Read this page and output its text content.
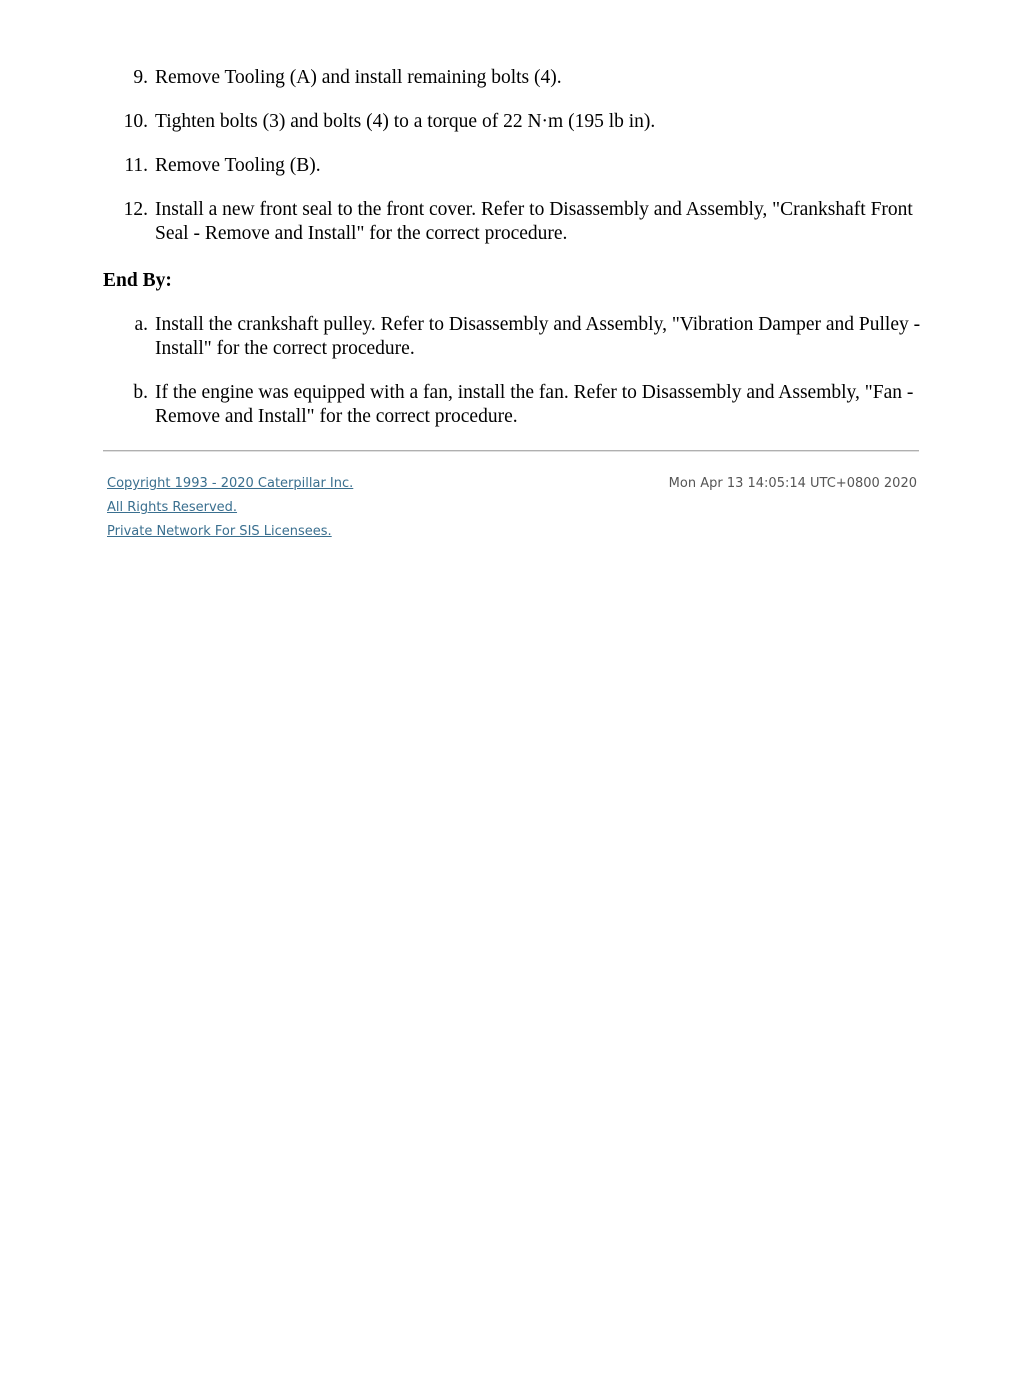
9. Remove Tooling (A) and install remaining bolts (4).
10. Tighten bolts (3) and bolts (4) to a torque of 22 N·m (195 lb in).
11. Remove Tooling (B).
12. Install a new front seal to the front cover. Refer to Disassembly and Assembly, "Crankshaft Front Seal - Remove and Install" for the correct procedure.
End By:
a. Install the crankshaft pulley. Refer to Disassembly and Assembly, "Vibration Damper and Pulley - Install" for the correct procedure.
b. If the engine was equipped with a fan, install the fan. Refer to Disassembly and Assembly, "Fan - Remove and Install" for the correct procedure.
Copyright 1993 - 2020 Caterpillar Inc.
All Rights Reserved.
Private Network For SIS Licensees.
Mon Apr 13 14:05:14 UTC+0800 2020
